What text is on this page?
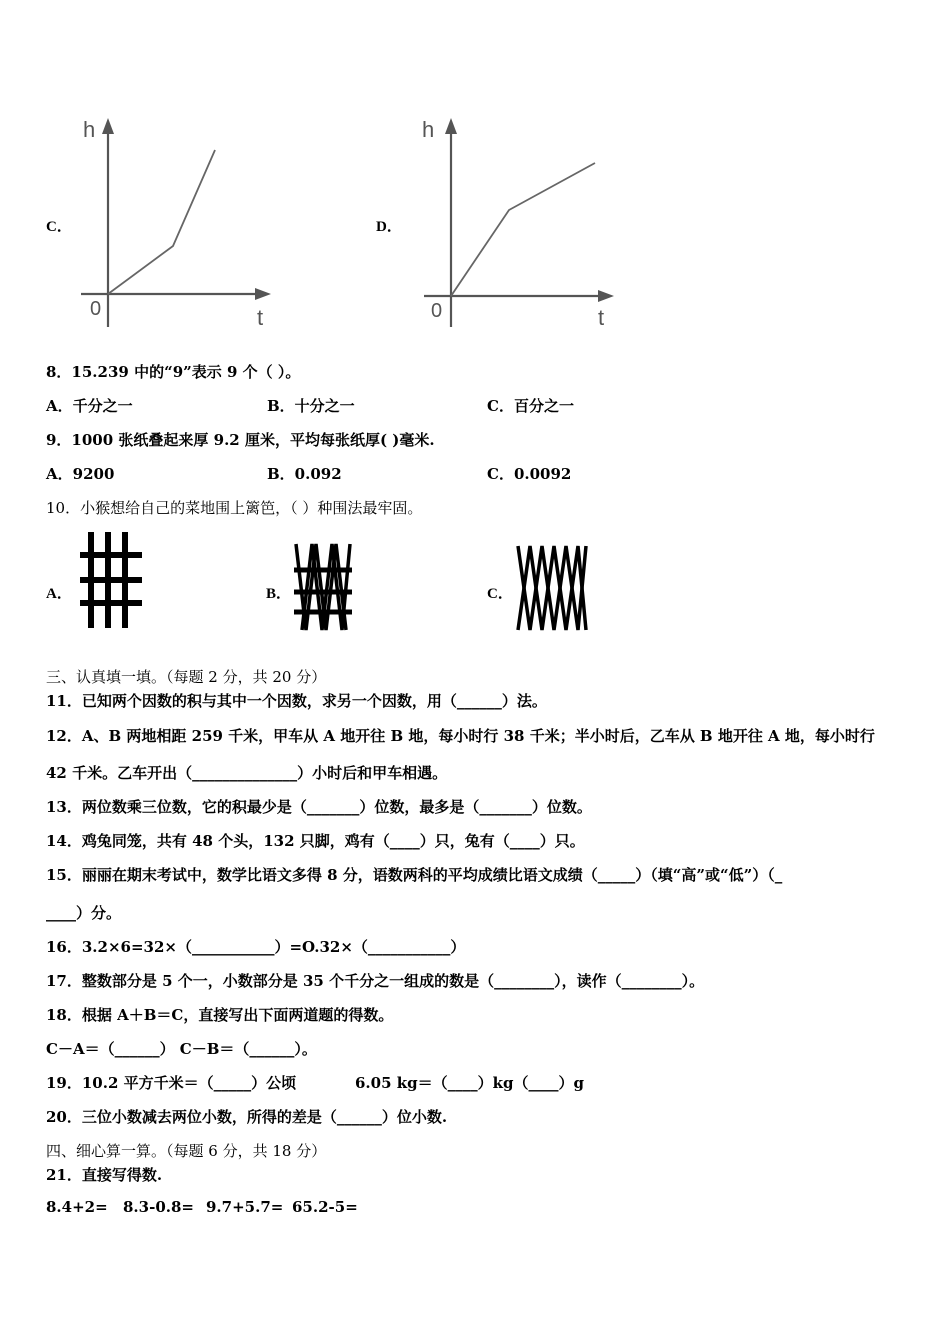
C．
h
0	t
D．
h
0	t
8．15.239 中的“9”表示 9 个（ ）。
A．千分之一	B．十分之一	C．百分之一
9．1000 张纸叠起来厚 9.2 厘米，平均每张纸厚( )毫米.
A．9200	B．0.092	C．0.0092
10．小猴想给自己的菜地围上篱笆，（ ）种围法最牢固。
A．	B．	C．
三、认真填一填。（每题 2 分，共 20 分）
11．已知两个因数的积与其中一个因数，求另一个因数，用（______）法。
12．A、B 两地相距 259 千米，甲车从 A 地开往 B 地，每小时行 38 千米；半小时后，乙车从 B 地开往 A 地，每小时行
42 千米。乙车开出（______________）小时后和甲车相遇。
13．两位数乘三位数，它的积最少是（_______）位数，最多是（_______）位数。
14．鸡兔同笼，共有 48 个头，132 只脚，鸡有（____）只，兔有（____）只。
15．丽丽在期末考试中，数学比语文多得 8 分，语数两科的平均成绩比语文成绩（_____）（填“高”或“低”）（_
____）分。
16．3.2×6=32×（___________）=O.32×（___________）
17．整数部分是 5 个一，小数部分是 35 个千分之一组成的数是（________），读作（________）。
18．根据 A＋B＝C，直接写出下面两道题的得数。
C－A＝（______） C－B＝（______）。
19．10.2 平方千米＝（_____）公顷	6.05 kg＝（____）kg（____）g
20．三位小数减去两位小数，所得的差是（______）位小数.
四、细心算一算。（每题 6 分，共 18 分）
21．直接写得数.
8.4+2= 8.3-0.8= 9.7+5.7= 65.2-5=
